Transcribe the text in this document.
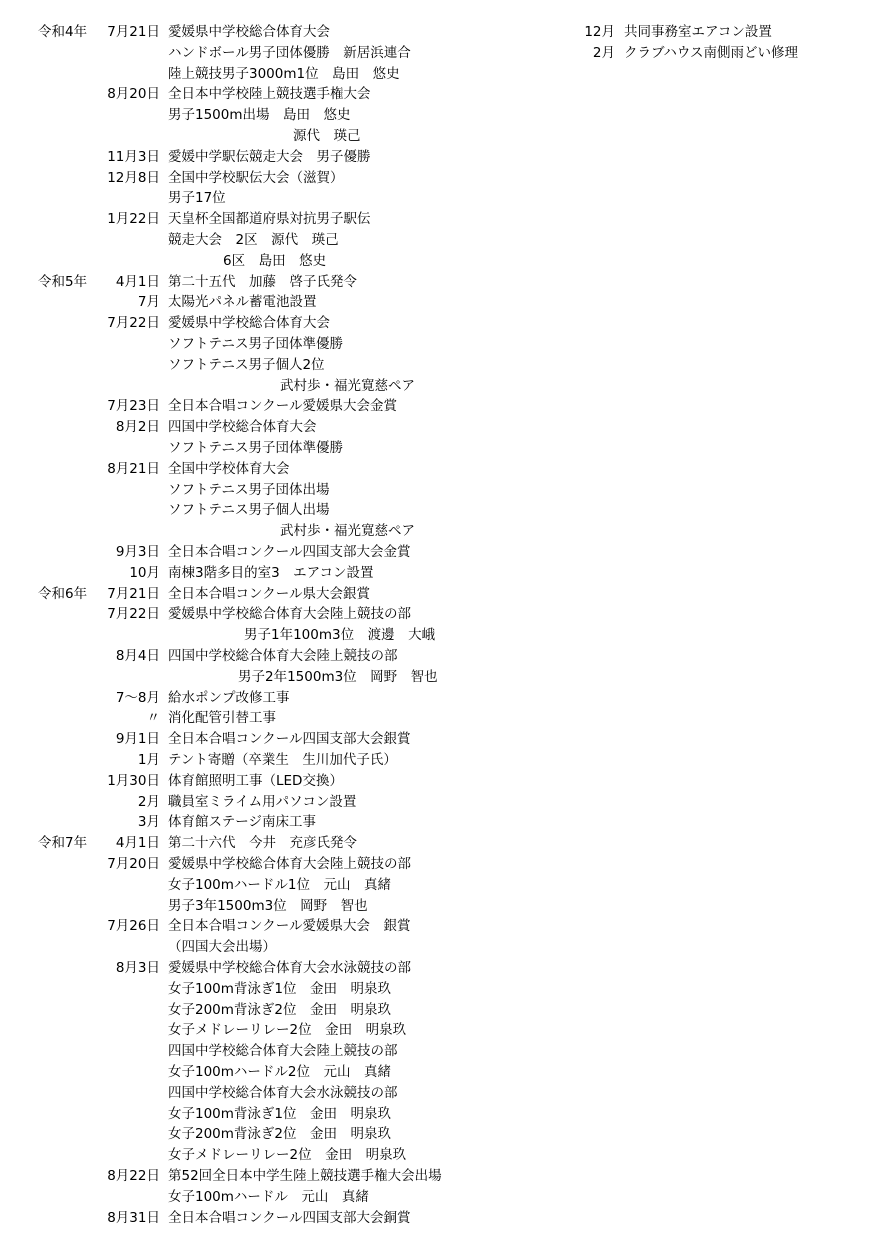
令和4年	7月21日 愛媛県中学校総合体育大会
ハンドボール男子団体優勝　新居浜連合
陸上競技男子3000m1位　島田　悠史
8月20日 全日本中学校陸上競技選手権大会
男子1500m出場　島田　悠史
源代　瑛己
11月3日 愛媛中学駅伝競走大会　男子優勝
12月8日 全国中学校駅伝大会（滋賀）
男子17位
1月22日 天皇杯全国都道府県対抗男子駅伝
競走大会　2区　源代　瑛己
6区　島田　悠史
令和5年	4月1日 第二十五代　加藤　啓子氏発令
7月 太陽光パネル蓄電池設置
7月22日 愛媛県中学校総合体育大会
ソフトテニス男子団体準優勝
ソフトテニス男子個人2位
武村歩・福光寛慈ペア
7月23日 全日本合唱コンクール愛媛県大会金賞
8月2日 四国中学校総合体育大会
ソフトテニス男子団体準優勝
8月21日 全国中学校体育大会
ソフトテニス男子団体出場
ソフトテニス男子個人出場
武村歩・福光寛慈ペア
9月3日 全日本合唱コンクール四国支部大会金賞
10月 南棟3階多目的室3　エアコン設置
令和6年	7月21日 全日本合唱コンクール県大会銀賞
7月22日 愛媛県中学校総合体育大会陸上競技の部
男子1年100m3位　渡邊　大峨
8月4日 四国中学校総合体育大会陸上競技の部
男子2年1500m3位　岡野　智也
7～8月 給水ポンプ改修工事
〃 消化配管引替工事
9月1日 全日本合唱コンクール四国支部大会銀賞
1月 テント寄贈（卒業生　生川加代子氏）
1月30日 体育館照明工事（LED交換）
2月 職員室ミライム用パソコン設置
3月 体育館ステージ南床工事
令和7年	4月1日 第二十六代　今井　充彦氏発令
7月20日 愛媛県中学校総合体育大会陸上競技の部
女子100mハードル1位　元山　真緒
男子3年1500m3位　岡野　智也
7月26日 全日本合唱コンクール愛媛県大会　銀賞
（四国大会出場）
8月3日 愛媛県中学校総合体育大会水泳競技の部
女子100m背泳ぎ1位　金田　明泉玖
女子200m背泳ぎ2位　金田　明泉玖
女子メドレーリレー2位　金田　明泉玖
四国中学校総合体育大会陸上競技の部
女子100mハードル2位　元山　真緒
四国中学校総合体育大会水泳競技の部
女子100m背泳ぎ1位　金田　明泉玖
女子200m背泳ぎ2位　金田　明泉玖
女子メドレーリレー2位　金田　明泉玖
8月22日 第52回全日本中学生陸上競技選手権大会出場
女子100mハードル　元山　真緒
8月31日 全日本合唱コンクール四国支部大会銅賞
12月 共同事務室エアコン設置
2月 クラブハウス南側雨どい修理
